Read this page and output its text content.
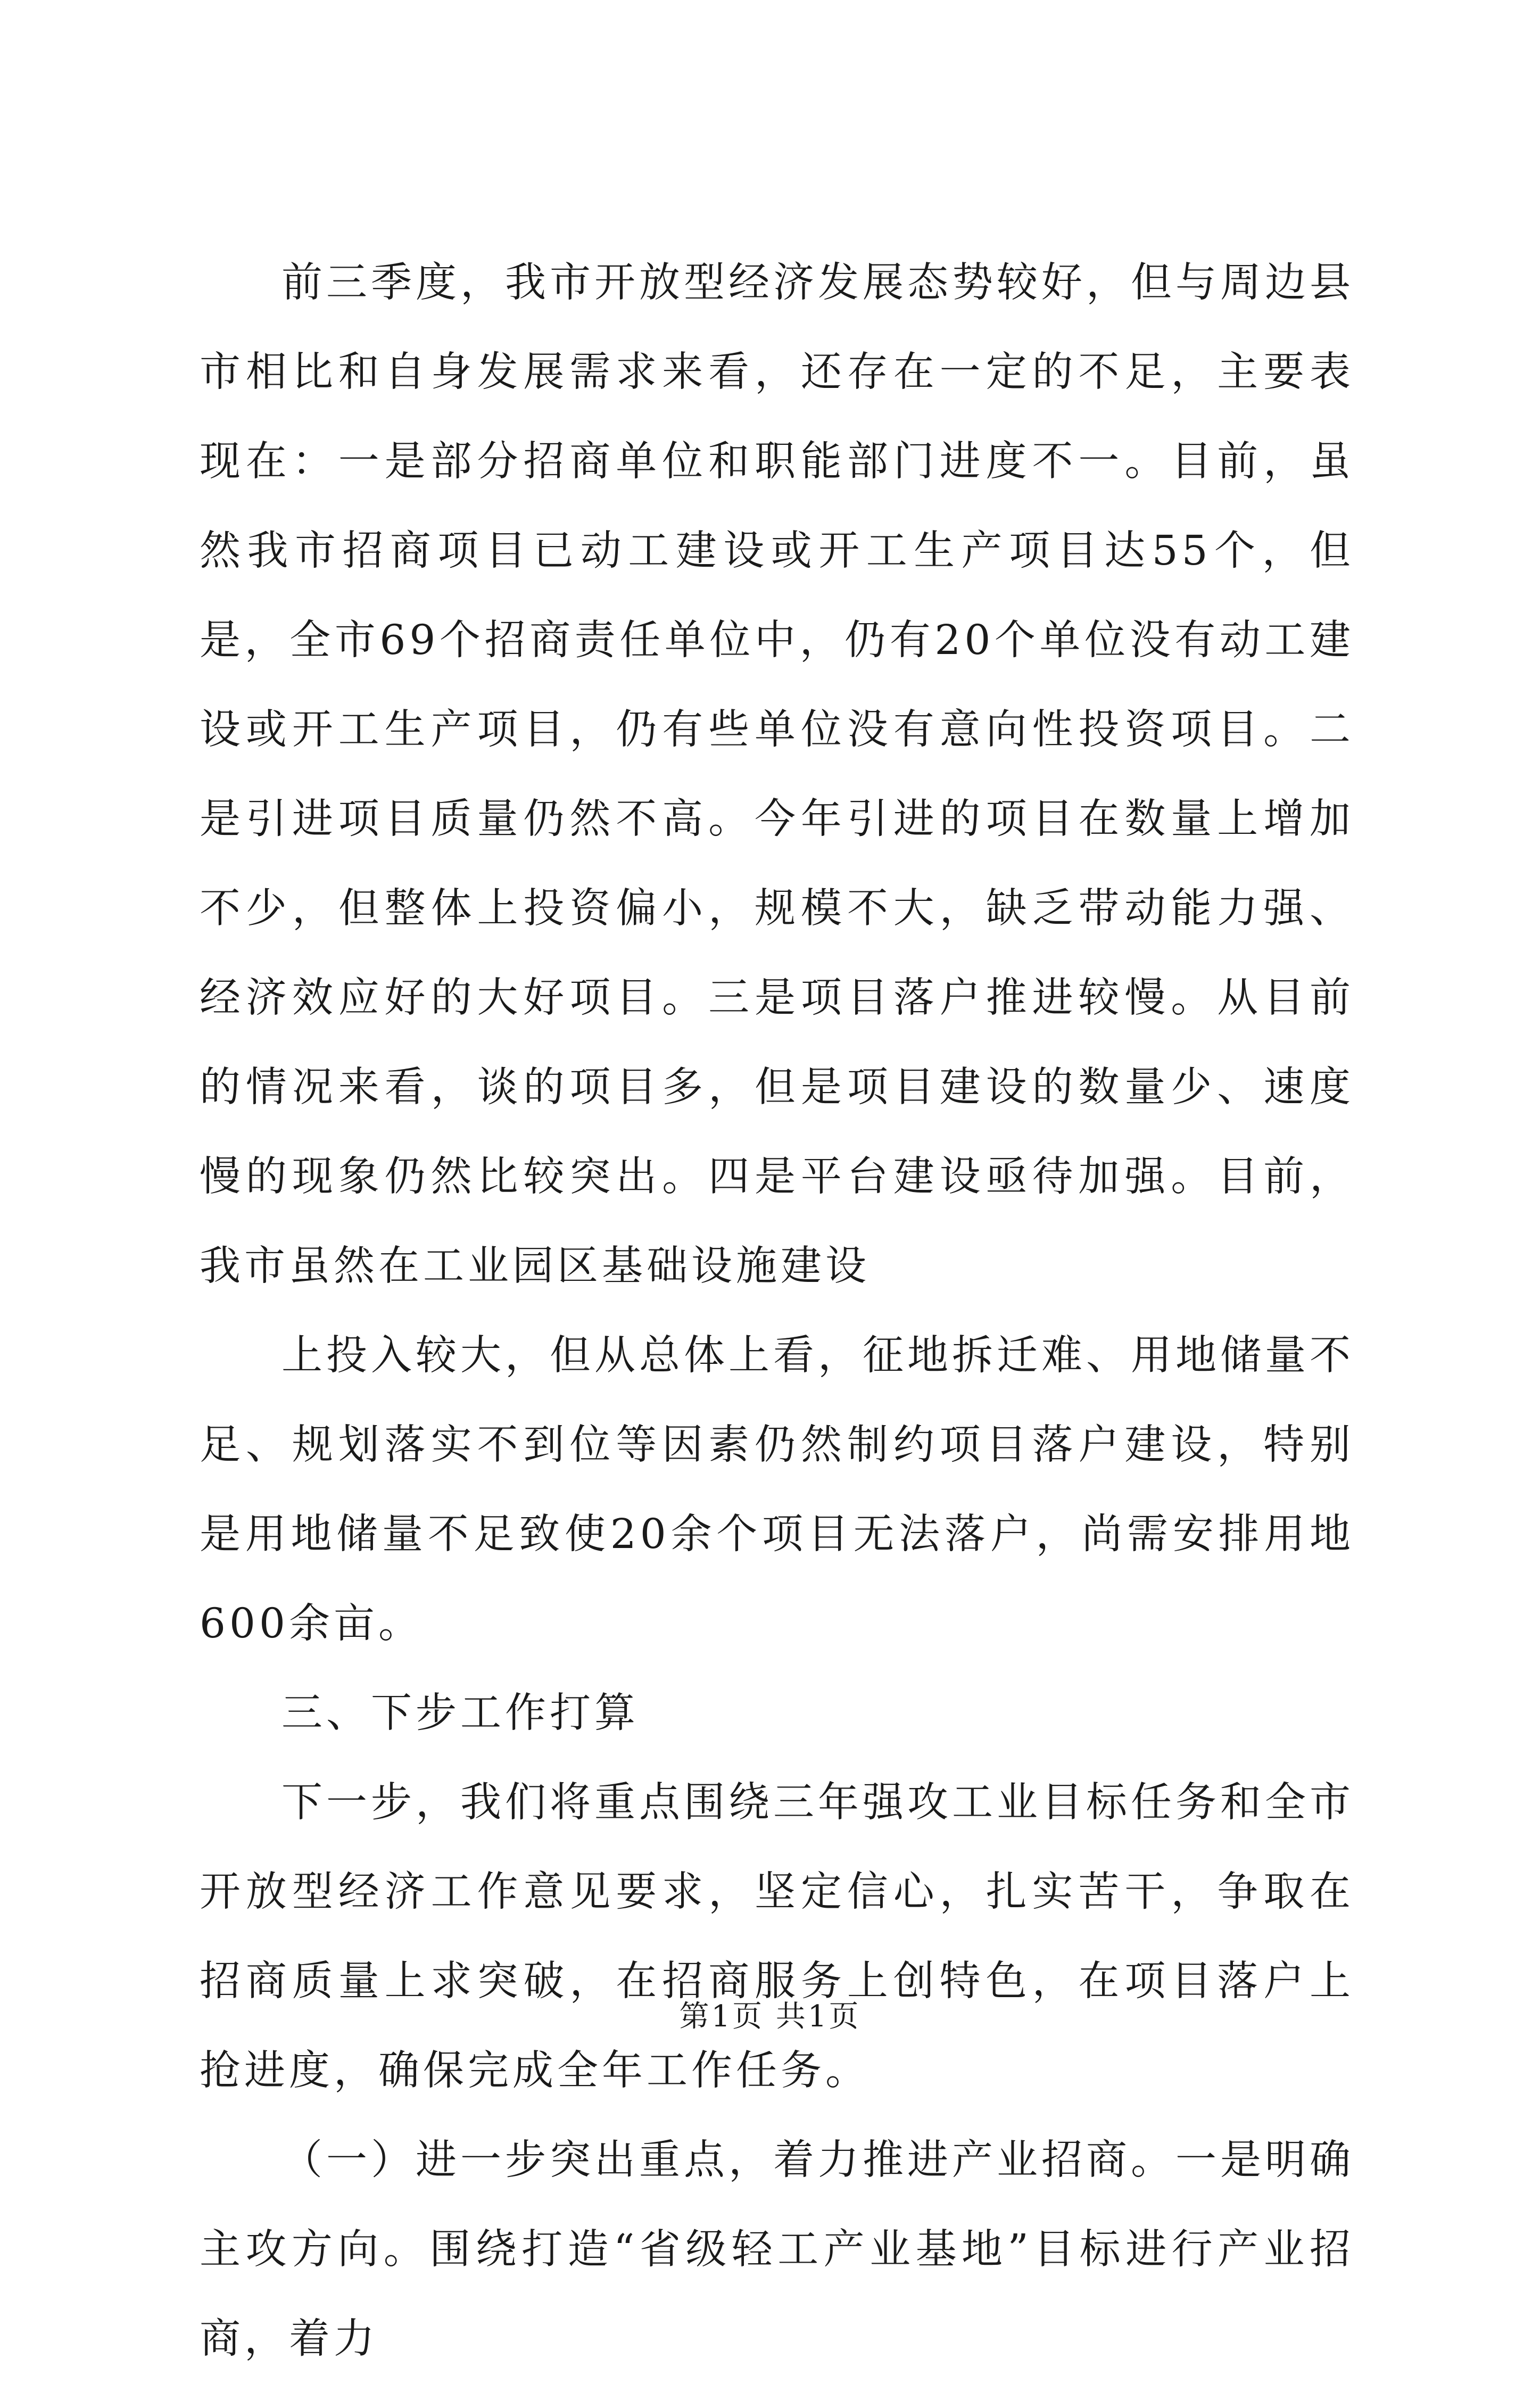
前三季度，我市开放型经济发展态势较好，但与周边县市相比和自身发展需求来看，还存在一定的不足，主要表现在：一是部分招商单位和职能部门进度不一。目前，虽然我市招商项目已动工建设或开工生产项目达55个，但是，全市69个招商责任单位中，仍有20个单位没有动工建设或开工生产项目，仍有些单位没有意向性投资项目。二是引进项目质量仍然不高。今年引进的项目在数量上增加不少，但整体上投资偏小，规模不大，缺乏带动能力强、经济效应好的大好项目。三是项目落户推进较慢。从目前的情况来看，谈的项目多，但是项目建设的数量少、速度慢的现象仍然比较突出。四是平台建设亟待加强。目前，我市虽然在工业园区基础设施建设

上投入较大，但从总体上看，征地拆迁难、用地储量不足、规划落实不到位等因素仍然制约项目落户建设，特别是用地储量不足致使20余个项目无法落户，尚需安排用地600余亩。

三、下步工作打算

下一步，我们将重点围绕三年强攻工业目标任务和全市开放型经济工作意见要求，坚定信心，扎实苦干，争取在招商质量上求突破，在招商服务上创特色，在项目落户上抢进度，确保完成全年工作任务。

（一）进一步突出重点，着力推进产业招商。一是明确主攻方向。围绕打造“省级轻工产业基地”目标进行产业招商，着力

第1页 共1页
